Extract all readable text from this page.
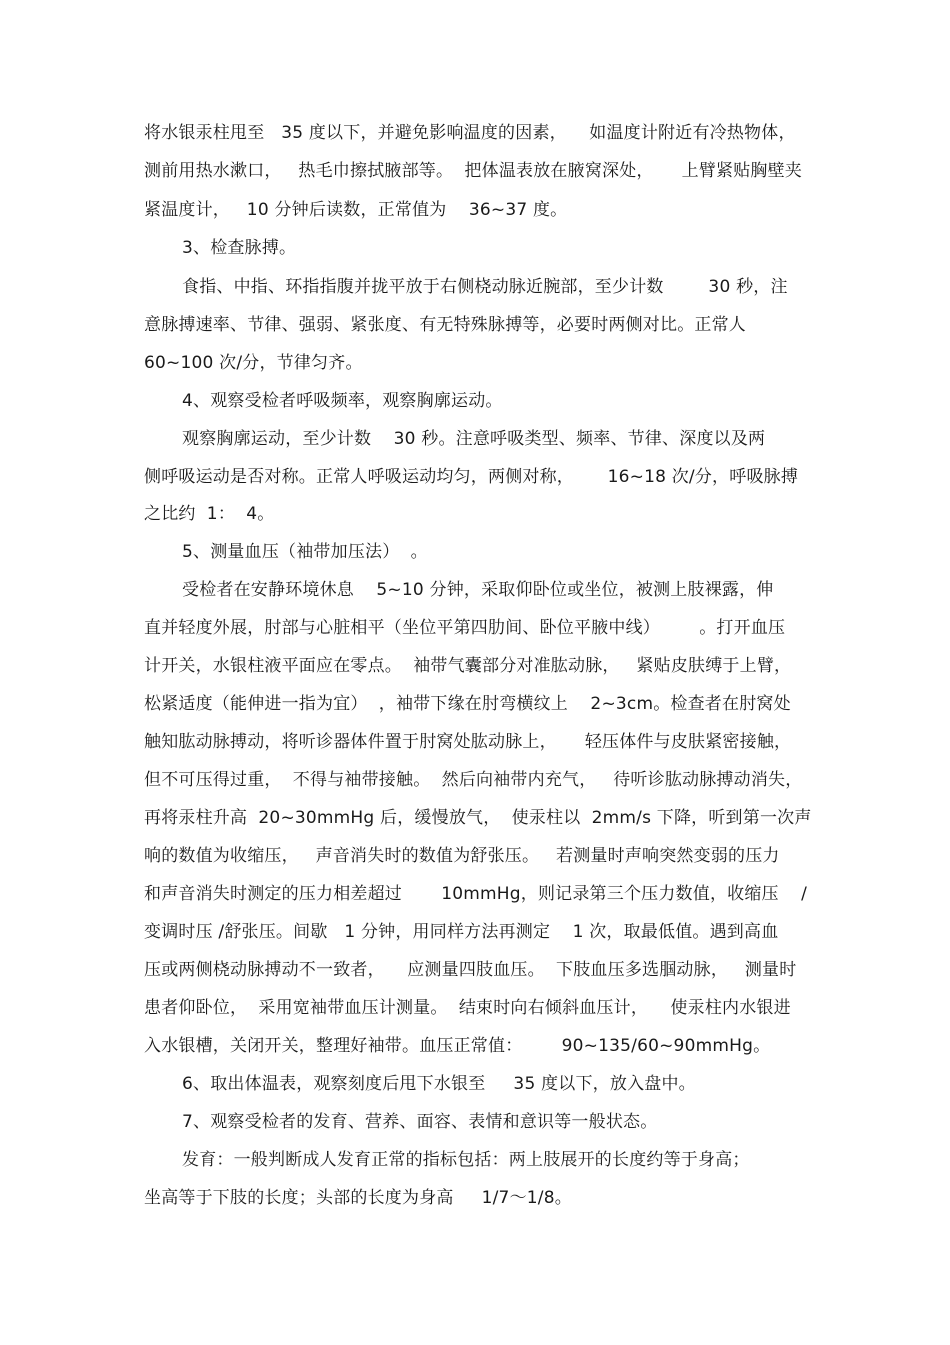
将水银汞柱甩至   35 度以下，并避免影响温度的因素，    如温度计附近有冷热物体，
测前用热水漱口，   热毛巾擦拭腋部等。  把体温表放在腋窝深处，     上臂紧贴胸壁夹
紧温度计，   10 分钟后读数，正常值为    36~37 度。
3、检查脉搏。
食指、中指、环指指腹并拢平放于右侧桡动脉近腕部，至少计数        30 秒，注
意脉搏速率、节律、强弱、紧张度、有无特殊脉搏等，必要时两侧对比。正常人
60~100 次/分，节律匀齐。
4、观察受检者呼吸频率，观察胸廓运动。
观察胸廓运动，至少计数    30 秒。注意呼吸类型、频率、节律、深度以及两
侧呼吸运动是否对称。正常人呼吸运动均匀，两侧对称，      16~18 次/分，呼吸脉搏
之比约  1：  4。
5、测量血压（袖带加压法）  。
受检者在安静环境休息    5~10 分钟，采取仰卧位或坐位，被测上肢裸露，伸
直并轻度外展，肘部与心脏相平（坐位平第四肋间、卧位平腋中线）       。打开血压
计开关，水银柱液平面应在零点。  袖带气囊部分对准肱动脉，   紧贴皮肤缚于上臂，
松紧适度（能伸进一指为宜）  ，袖带下缘在肘弯横纹上    2~3cm。检查者在肘窝处
触知肱动脉搏动，将听诊器体件置于肘窝处肱动脉上，     轻压体件与皮肤紧密接触，
但不可压得过重，  不得与袖带接触。  然后向袖带内充气，   待听诊肱动脉搏动消失，
再将汞柱升高  20~30mmHg 后，缓慢放气，  使汞柱以  2mm/s 下降，听到第一次声
响的数值为收缩压，   声音消失时的数值为舒张压。   若测量时声响突然变弱的压力
和声音消失时测定的压力相差超过       10mmHg，则记录第三个压力数值，收缩压    /
变调时压 /舒张压。间歇   1 分钟，用同样方法再测定    1 次，取最低值。遇到高血
压或两侧桡动脉搏动不一致者，    应测量四肢血压。  下肢血压多选腘动脉，   测量时
患者仰卧位，  采用宽袖带血压计测量。  结束时向右倾斜血压计，    使汞柱内水银进
入水银槽，关闭开关，整理好袖带。血压正常值：       90~135/60~90mmHg。
6、取出体温表，观察刻度后甩下水银至     35 度以下，放入盘中。
7、观察受检者的发育、营养、面容、表情和意识等一般状态。
发育：一般判断成人发育正常的指标包括：两上肢展开的长度约等于身高；
坐高等于下肢的长度；头部的长度为身高     1/7～1/8。
